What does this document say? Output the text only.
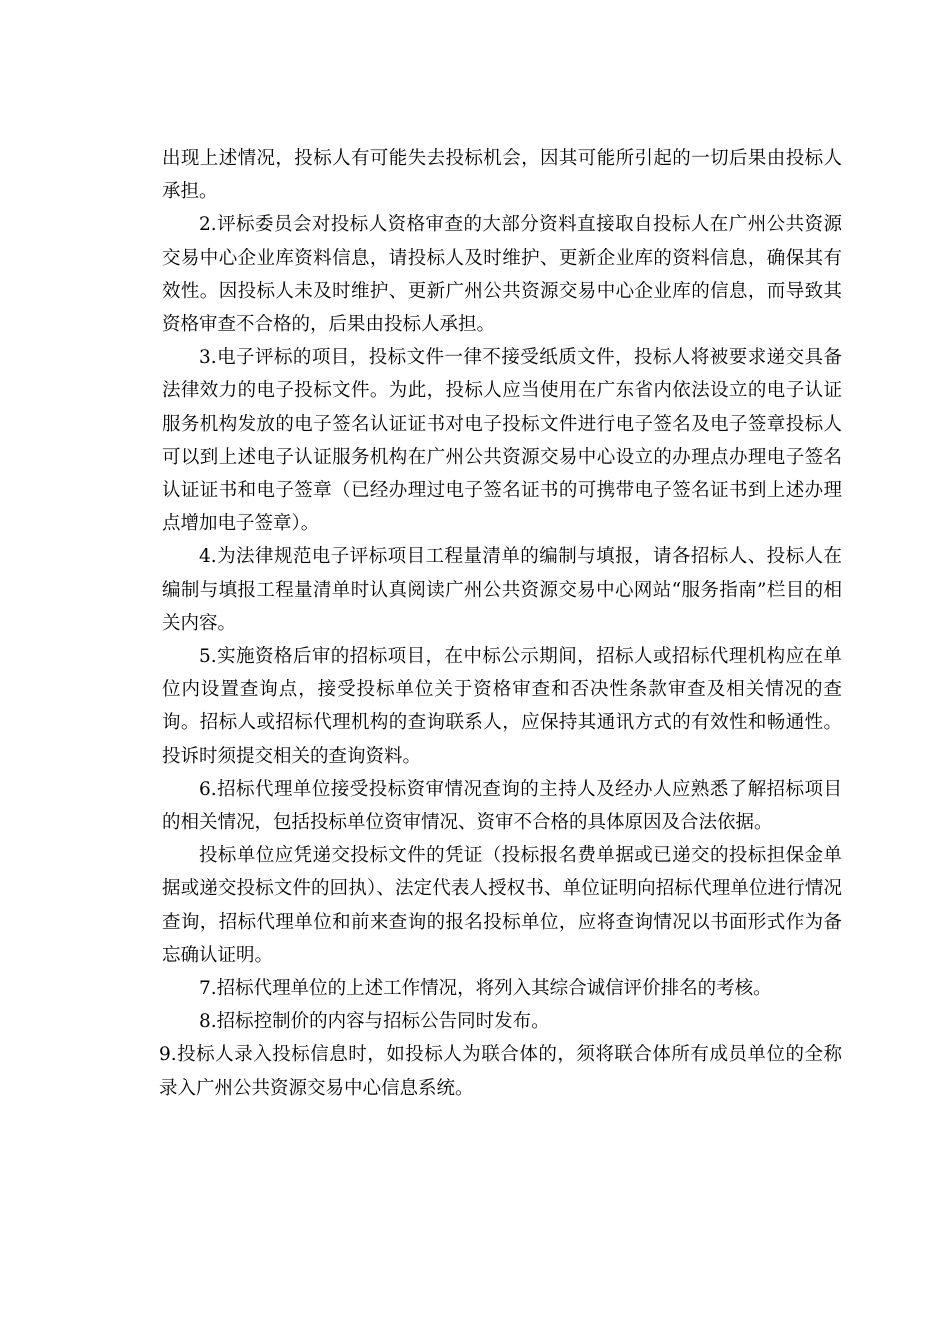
出现上述情况，投标人有可能失去投标机会，因其可能所引起的一切后果由投标人承担。

2.评标委员会对投标人资格审查的大部分资料直接取自投标人在广州公共资源交易中心企业库资料信息，请投标人及时维护、更新企业库的资料信息，确保其有效性。因投标人未及时维护、更新广州公共资源交易中心企业库的信息，而导致其资格审查不合格的，后果由投标人承担。

3.电子评标的项目，投标文件一律不接受纸质文件，投标人将被要求递交具备法律效力的电子投标文件。为此，投标人应当使用在广东省内依法设立的电子认证服务机构发放的电子签名认证证书对电子投标文件进行电子签名及电子签章投标人可以到上述电子认证服务机构在广州公共资源交易中心设立的办理点办理电子签名认证证书和电子签章（已经办理过电子签名证书的可携带电子签名证书到上述办理点增加电子签章）。

4.为法律规范电子评标项目工程量清单的编制与填报，请各招标人、投标人在编制与填报工程量清单时认真阅读广州公共资源交易中心网站“服务指南”栏目的相关内容。

5.实施资格后审的招标项目，在中标公示期间，招标人或招标代理机构应在单位内设置查询点，接受投标单位关于资格审查和否决性条款审查及相关情况的查询。招标人或招标代理机构的查询联系人，应保持其通讯方式的有效性和畅通性。投诉时须提交相关的查询资料。

6.招标代理单位接受投标资审情况查询的主持人及经办人应熟悉了解招标项目的相关情况，包括投标单位资审情况、资审不合格的具体原因及合法依据。

投标单位应凭递交投标文件的凭证（投标报名费单据或已递交的投标担保金单据或递交投标文件的回执）、法定代表人授权书、单位证明向招标代理单位进行情况查询，招标代理单位和前来查询的报名投标单位，应将查询情况以书面形式作为备忘确认证明。

7.招标代理单位的上述工作情况，将列入其综合诚信评价排名的考核。

8.招标控制价的内容与招标公告同时发布。

9.投标人录入投标信息时，如投标人为联合体的，须将联合体所有成员单位的全称录入广州公共资源交易中心信息系统。
